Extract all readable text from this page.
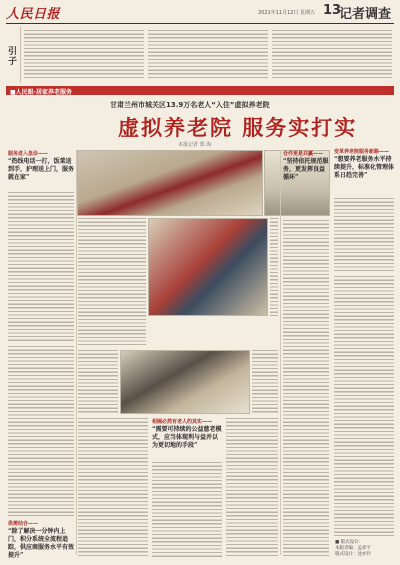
人民日报	2021年11月12日 星期五 13
记者调查
引子
■人民眼·居家养老服务
甘肃兰州市城关区13.9万名老人“入住”虚拟养老院
虚拟养老院 服务实打实
本报记者 郑 海
服务进入急诊——
“热线电话一打，饭菜送到手，护理送上门，服务就在家”
供需结合——
“除了解决一分钟内上门，积分系统全流程追踪，供应商服务水平有效提升”
相隔必然有老人的其实——
“需要可持续的公益慈老模式，应当体现利与益并以为更切地的手段”
变革养老院服务新路——
“想要养老服务水平持续提升，标准化管理体系日趋完善”
合作更是共赢——
“坚持依托规范服务，更发挥良益循环”
■ 版式设计：
本版责编：孟祥宇
版式设计：沈亦伶
